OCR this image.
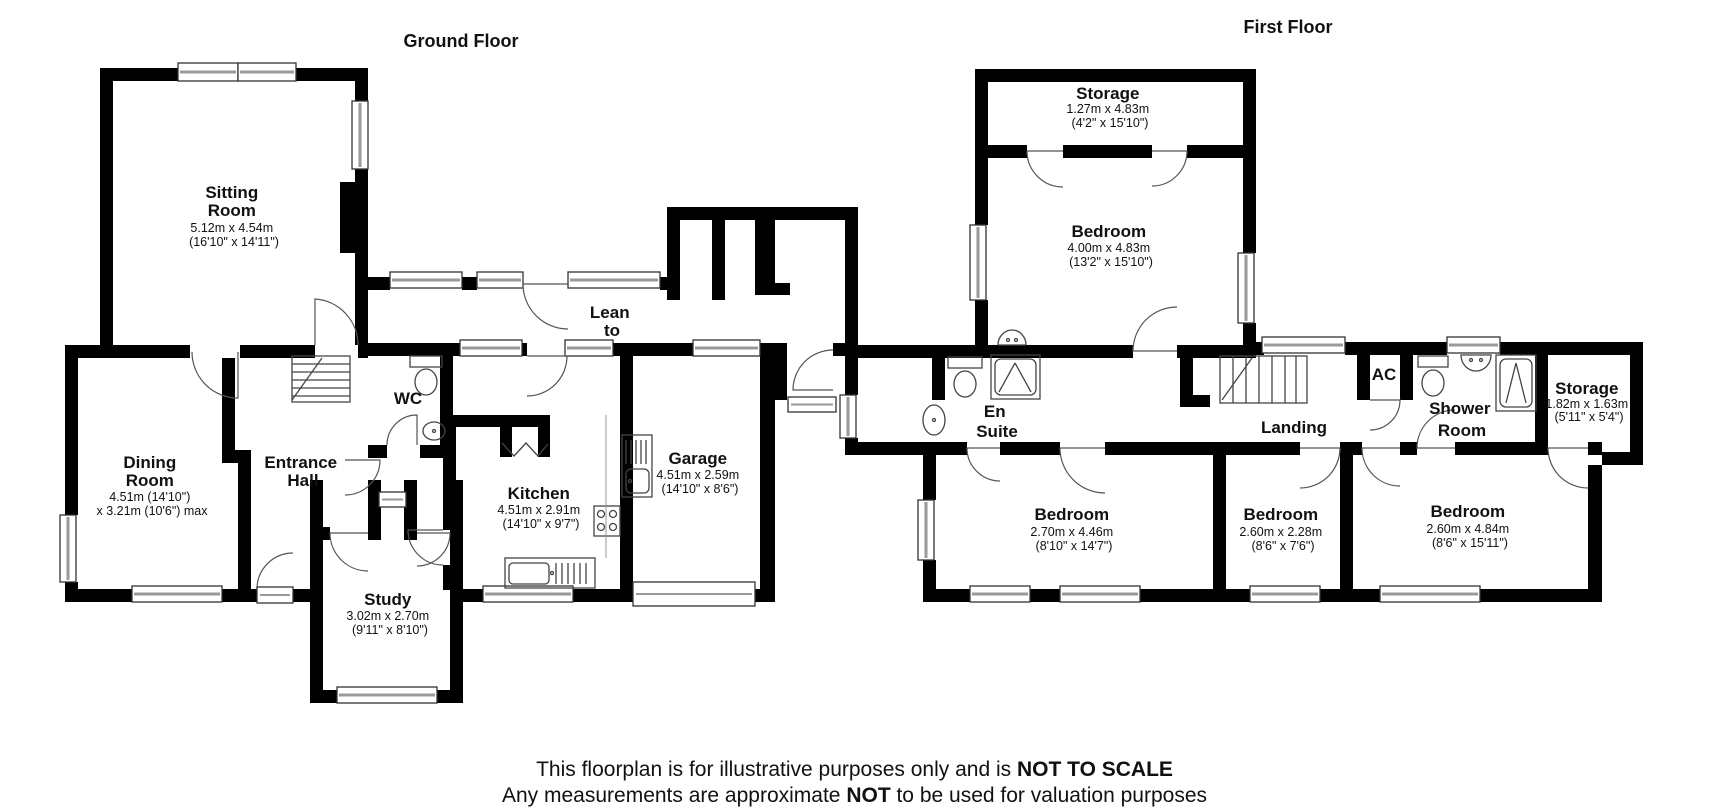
Ground Floor
First Floor
Sitting Room 5.12m x 4.54m (16'10" x 14'11")
Dining Room 4.51m (14'10") x 3.21m (10'6") max
Entrance Hall
WC
Lean to
Kitchen 4.51m x 2.91m (14'10" x 9'7")
Garage 4.51m x 2.59m (14'10" x 8'6")
Study 3.02m x 2.70m (9'11" x 8'10")
Storage 1.27m x 4.83m (4'2" x 15'10")
Bedroom 4.00m x 4.83m (13'2" x 15'10")
En Suite	Landing
AC
Shower Room
Storage 1.82m x 1.63m (5'11" x 5'4")
Bedroom 2.70m x 4.46m (8'10" x 14'7")
Bedroom 2.60m x 2.28m (8'6" x 7'6")
Bedroom 2.60m x 4.84m (8'6" x 15'11")
This floorplan is for illustrative purposes only and is NOT TO SCALE
Any measurements are approximate NOT to be used for valuation purposes
